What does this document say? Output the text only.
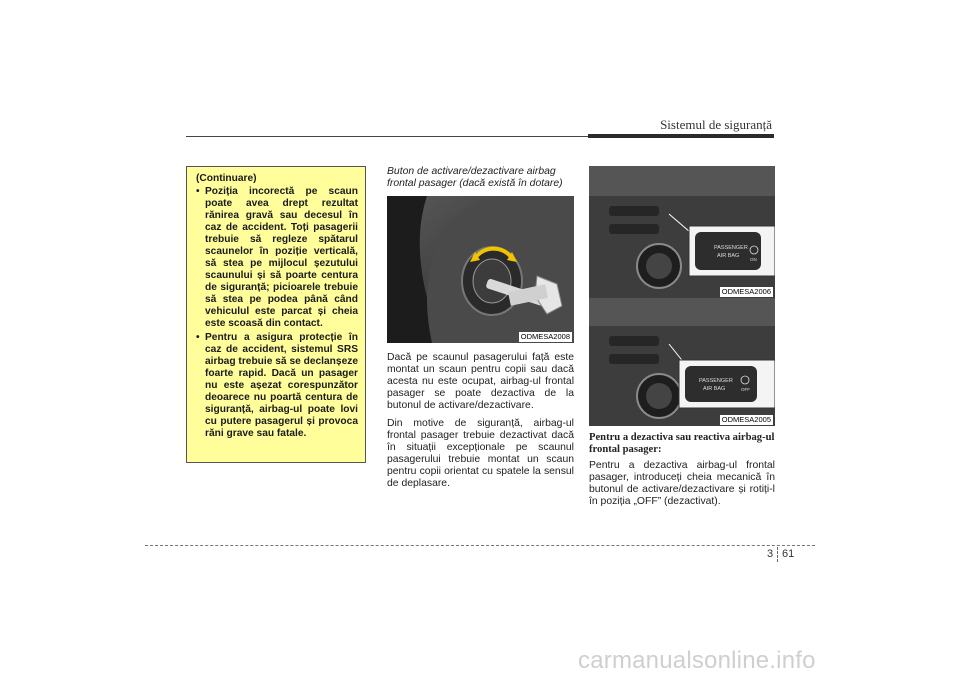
Sistemul de siguranță
(Continuare)
• Poziția incorectă pe scaun poate avea drept rezultat rănirea gravă sau decesul în caz de accident. Toți pasagerii trebuie să regleze spătarul scaunelor în poziție verticală, să stea pe mijlocul șezutului scaunului și să poarte centura de siguranță; picioarele trebuie să stea pe podea până când vehiculul este parcat și cheia este scoasă din contact.
• Pentru a asigura protecție în caz de accident, sistemul SRS airbag trebuie să se declanșeze foarte rapid. Dacă un pasager nu este așezat corespunzător deoarece nu poartă centura de siguranță, airbag-ul poate lovi cu putere pasagerul și provoca răni grave sau fatale.

Buton de activare/dezactivare airbag frontal pasager (dacă există în dotare)

ODMESA2008

Dacă pe scaunul pasagerului față este montat un scaun pentru copii sau dacă acesta nu este ocupat, airbag-ul frontal pasager se poate dezactiva de la butonul de activare/dezactivare.

Din motive de siguranță, airbag-ul frontal pasager trebuie dezactivat dacă în situații excepționale pe scaunul pasagerului trebuie montat un scaun pentru copii orientat cu spatele la sensul de deplasare.

PASSENGER
AIR BAG
ON
ODMESA2006
PASSENGER
AIR BAG	OFF
ODMESA2005

Pentru a dezactiva sau reactiva airbag-ul frontal pasager:

Pentru a dezactiva airbag-ul frontal pasager, introduceți cheia mecanică în butonul de activare/dezactivare și rotiți-l în poziția „OFF” (dezactivat).

3 61
carmanualsonline.info
